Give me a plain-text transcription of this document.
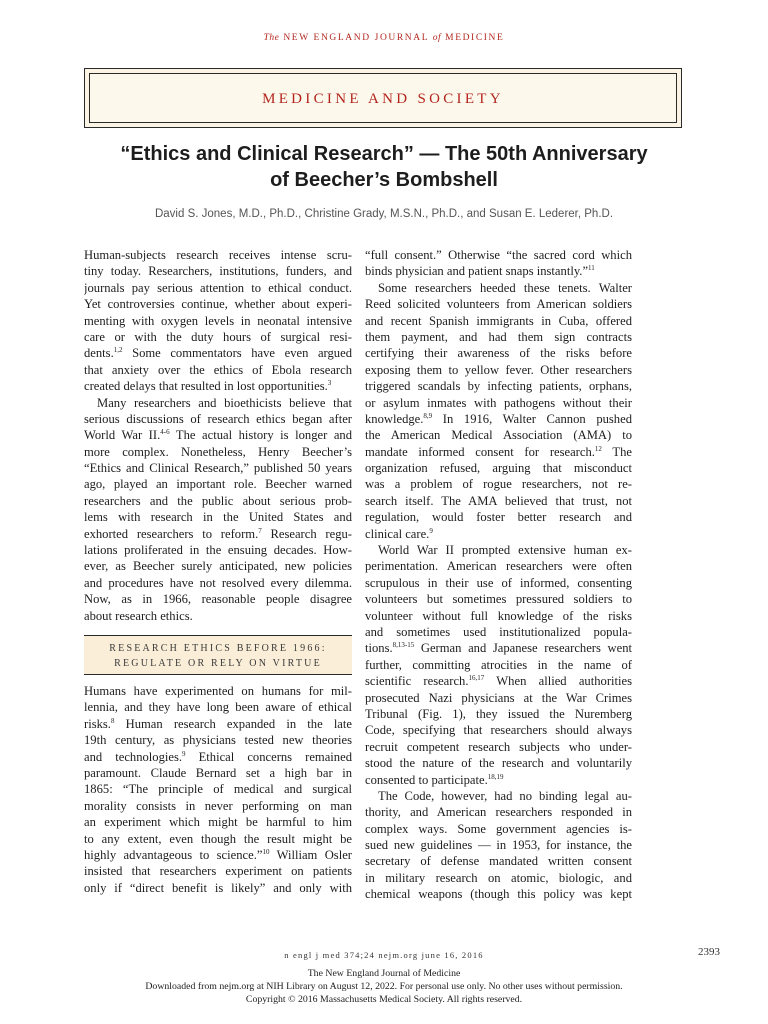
The NEW ENGLAND JOURNAL of MEDICINE
MEDICINE AND SOCIETY
“Ethics and Clinical Research” — The 50th Anniversary
of Beecher’s Bombshell
David S. Jones, M.D., Ph.D., Christine Grady, M.S.N., Ph.D., and Susan E. Lederer, Ph.D.
Human-subjects research receives intense scru-
tiny today. Researchers, institutions, funders, and
journals pay serious attention to ethical conduct.
Yet controversies continue, whether about experi-
menting with oxygen levels in neonatal intensive
care or with the duty hours of surgical resi-
dents.$^{1,2}$ Some commentators have even argued
that anxiety over the ethics of Ebola research
created delays that resulted in lost opportunities.$^3$
Many researchers and bioethicists believe that
serious discussions of research ethics began after
World War II.$^{4-6}$ The actual history is longer and
more complex. Nonetheless, Henry Beecher’s
“Ethics and Clinical Research,” published 50 years
ago, played an important role. Beecher warned
researchers and the public about serious prob-
lems with research in the United States and
exhorted researchers to reform.$^7$ Research regu-
lations proliferated in the ensuing decades. How-
ever, as Beecher surely anticipated, new policies
and procedures have not resolved every dilemma.
Now, as in 1966, reasonable people disagree
about research ethics.
RESEARCH ETHICS BEFORE 1966:
REGULATE OR RELY ON VIRTUE
Humans have experimented on humans for mil-
lennia, and they have long been aware of ethical
risks.$^8$ Human research expanded in the late
19th century, as physicians tested new theories
and technologies.$^9$ Ethical concerns remained
paramount. Claude Bernard set a high bar in
1865: “The principle of medical and surgical
morality consists in never performing on man
an experiment which might be harmful to him
to any extent, even though the result might be
highly advantageous to science.”$^{10}$ William Osler
insisted that researchers experiment on patients
only if “direct benefit is likely” and only with
“full consent.” Otherwise “the sacred cord which
binds physician and patient snaps instantly.”$^{11}$
Some researchers heeded these tenets. Walter
Reed solicited volunteers from American soldiers
and recent Spanish immigrants in Cuba, offered
them payment, and had them sign contracts
certifying their awareness of the risks before
exposing them to yellow fever. Other researchers
triggered scandals by infecting patients, orphans,
or asylum inmates with pathogens without their
knowledge.$^{8,9}$ In 1916, Walter Cannon pushed
the American Medical Association (AMA) to
mandate informed consent for research.$^{12}$ The
organization refused, arguing that misconduct
was a problem of rogue researchers, not re-
search itself. The AMA believed that trust, not
regulation, would foster better research and
clinical care.$^9$
World War II prompted extensive human ex-
perimentation. American researchers were often
scrupulous in their use of informed, consenting
volunteers but sometimes pressured soldiers to
volunteer without full knowledge of the risks
and sometimes used institutionalized popula-
tions.$^{8,13-15}$ German and Japanese researchers went
further, committing atrocities in the name of
scientific research.$^{16,17}$ When allied authorities
prosecuted Nazi physicians at the War Crimes
Tribunal (Fig. 1), they issued the Nuremberg
Code, specifying that researchers should always
recruit competent research subjects who under-
stood the nature of the research and voluntarily
consented to participate.$^{18,19}$
The Code, however, had no binding legal au-
thority, and American researchers responded in
complex ways. Some government agencies is-
sued new guidelines — in 1953, for instance, the
secretary of defense mandated written consent
in military research on atomic, biologic, and
chemical weapons (though this policy was kept
n engl j med 374;24 nejm.org june 16, 2016	2393
The New England Journal of Medicine
Downloaded from nejm.org at NIH Library on August 12, 2022. For personal use only. No other uses without permission.
Copyright © 2016 Massachusetts Medical Society. All rights reserved.
